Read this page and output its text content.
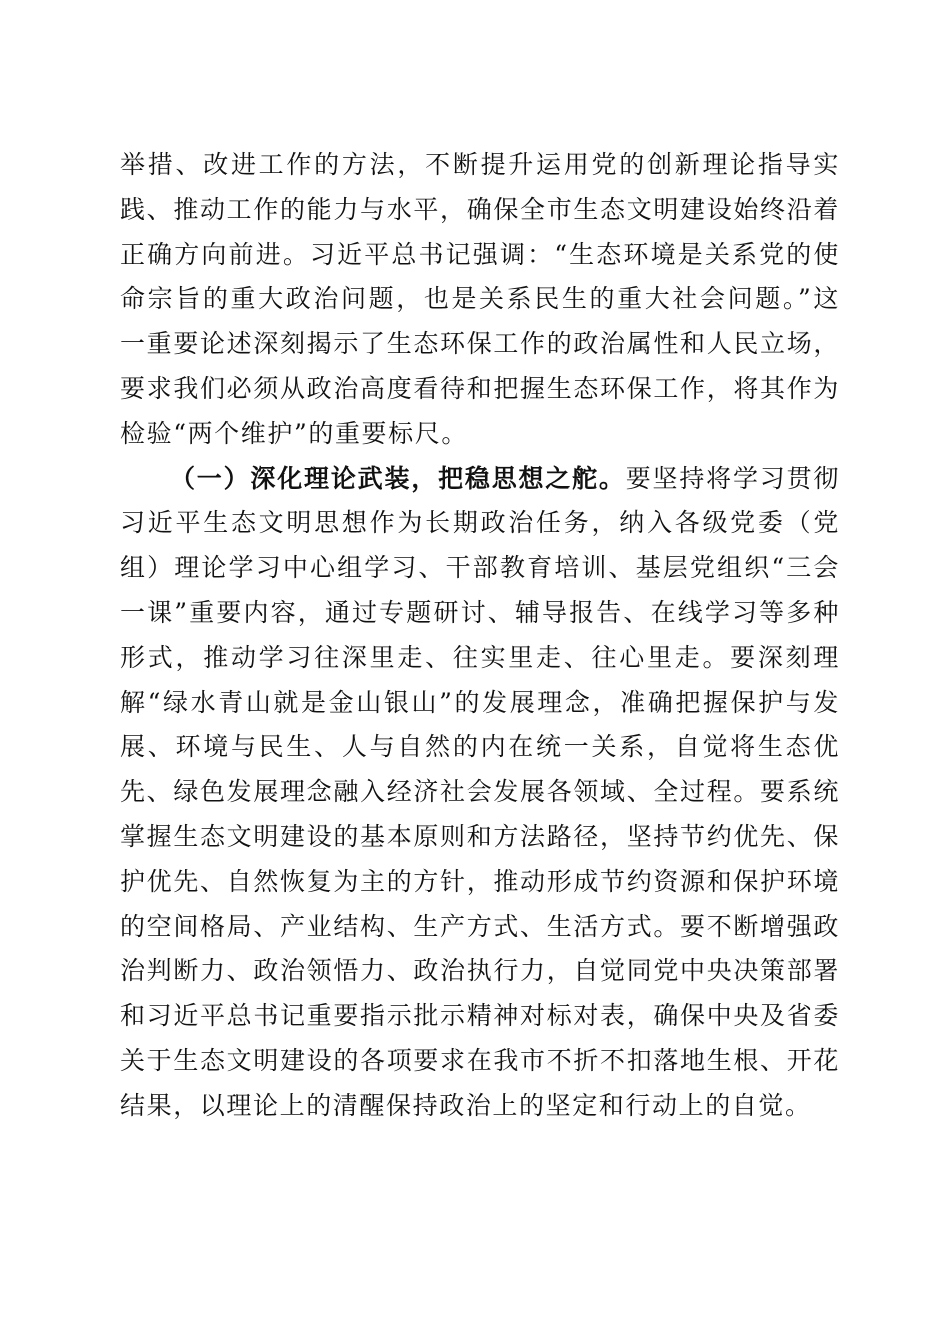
举措、改进工作的方法，不断提升运用党的创新理论指导实践、推动工作的能力与水平，确保全市生态文明建设始终沿着正确方向前进。习近平总书记强调：“生态环境是关系党的使命宗旨的重大政治问题，也是关系民生的重大社会问题。”这一重要论述深刻揭示了生态环保工作的政治属性和人民立场，要求我们必须从政治高度看待和把握生态环保工作，将其作为检验“两个维护”的重要标尺。

（一）深化理论武装，把稳思想之舵。要坚持将学习贯彻习近平生态文明思想作为长期政治任务，纳入各级党委（党组）理论学习中心组学习、干部教育培训、基层党组织“三会一课”重要内容，通过专题研讨、辅导报告、在线学习等多种形式，推动学习往深里走、往实里走、往心里走。要深刻理解“绿水青山就是金山银山”的发展理念，准确把握保护与发展、环境与民生、人与自然的内在统一关系，自觉将生态优先、绿色发展理念融入经济社会发展各领域、全过程。要系统掌握生态文明建设的基本原则和方法路径，坚持节约优先、保护优先、自然恢复为主的方针，推动形成节约资源和保护环境的空间格局、产业结构、生产方式、生活方式。要不断增强政治判断力、政治领悟力、政治执行力，自觉同党中央决策部署和习近平总书记重要指示批示精神对标对表，确保中央及省委关于生态文明建设的各项要求在我市不折不扣落地生根、开花结果，以理论上的清醒保持政治上的坚定和行动上的自觉。
